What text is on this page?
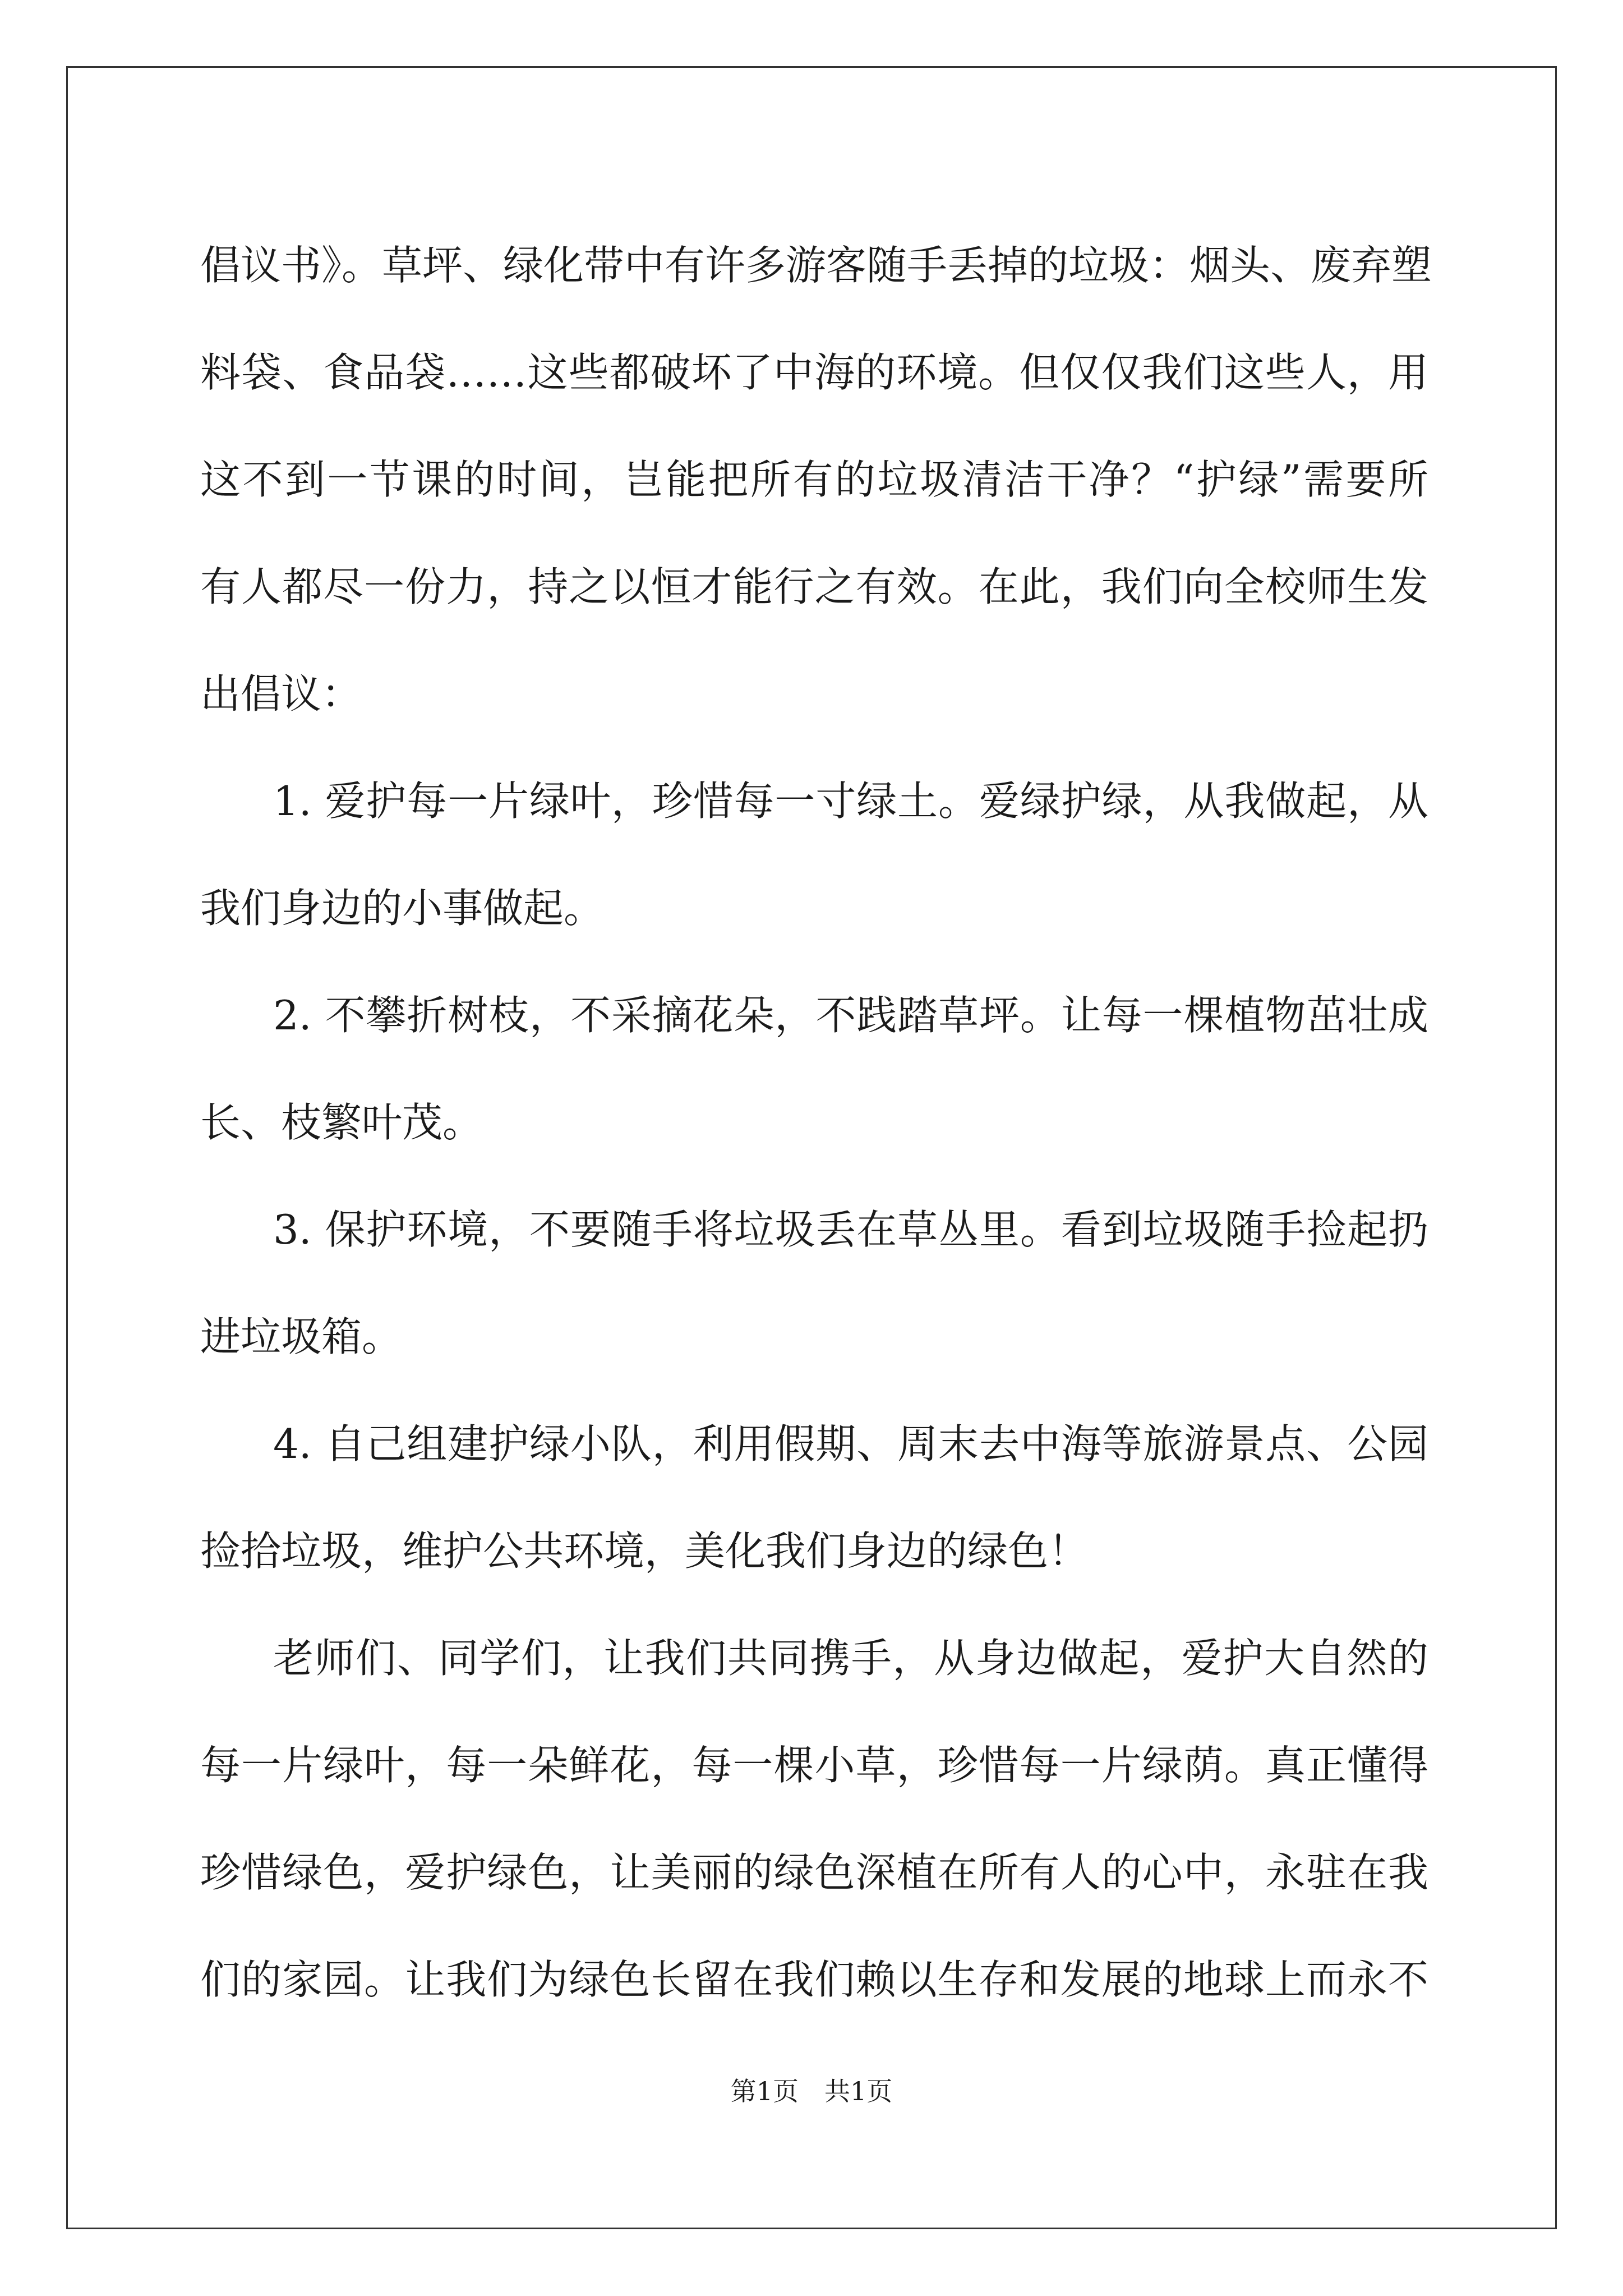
倡议书》。草坪、绿化带中有许多游客随手丢掉的垃圾：烟头、废弃塑
料袋、食品袋……这些都破坏了中海的环境。但仅仅我们这些人，用
这不到一节课的时间，岂能把所有的垃圾清洁干净？“护绿”需要所
有人都尽一份力，持之以恒才能行之有效。在此，我们向全校师生发
出倡议：
1. 爱护每一片绿叶，珍惜每一寸绿土。爱绿护绿，从我做起，从
我们身边的小事做起。
2. 不攀折树枝，不采摘花朵，不践踏草坪。让每一棵植物茁壮成
长、枝繁叶茂。
3. 保护环境，不要随手将垃圾丢在草丛里。看到垃圾随手捡起扔
进垃圾箱。
4. 自己组建护绿小队，利用假期、周末去中海等旅游景点、公园
捡拾垃圾，维护公共环境，美化我们身边的绿色！
老师们、同学们，让我们共同携手，从身边做起，爱护大自然的
每一片绿叶，每一朵鲜花，每一棵小草，珍惜每一片绿荫。真正懂得
珍惜绿色，爱护绿色，让美丽的绿色深植在所有人的心中，永驻在我
们的家园。让我们为绿色长留在我们赖以生存和发展的地球上而永不
第1页 共1页
